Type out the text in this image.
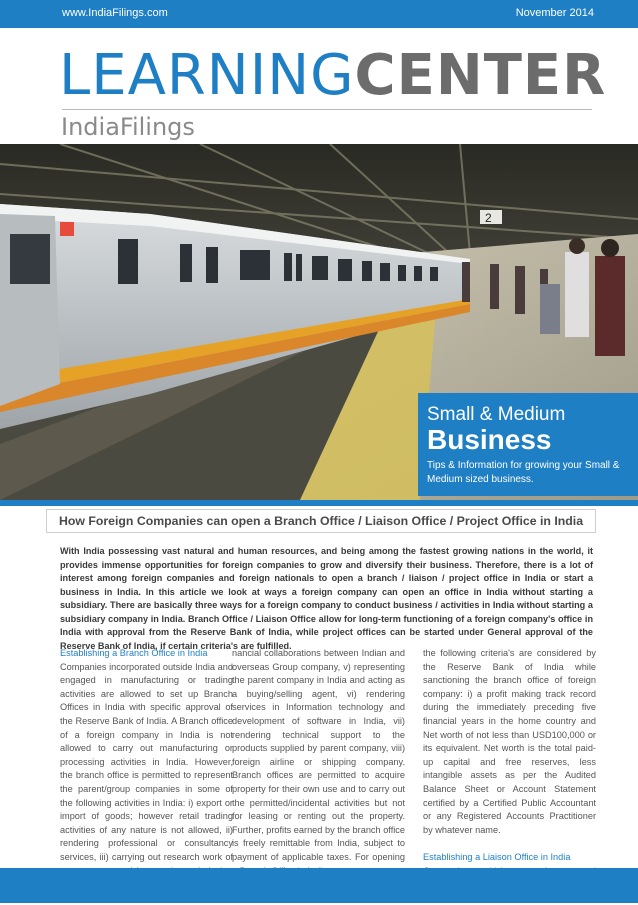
www.IndiaFilings.com	November 2014
LEARNINGCENTER
IndiaFilings
2
Small & Medium
Business
Tips & Information for growing your Small & Medium sized business.
How Foreign Companies can open a Branch Office / Liaison Office / Project Office in India
With India possessing vast natural and human resources, and being among the fastest growing nations in the world, it provides immense opportunities for foreign companies to grow and diversify their business. Therefore, there is a lot of interest among foreign companies and foreign nationals to open a branch / liaison / project office in India or start a business in India. In this article we look at ways a foreign company can open an office in India without starting a subsidiary. There are basically three ways for a foreign company to conduct business / activities in India without starting a subsidiary company in India. Branch Office / Liaison Office allow for long-term functioning of a foreign company's office in India with approval from the Reserve Bank of India, while project offices can be started under General approval of the Reserve Bank of India, if certain criteria's are fulfilled.
Establishing a Branch Office in India
Companies incorporated outside India and engaged in manufacturing or trading activities are allowed to set up Branch Offices in India with specific approval of the Reserve Bank of India. A Branch office of a foreign company in India is not allowed to carry out manufacturing or processing activities in India. However, the branch office is permitted to represent the parent/group companies in some of the following activities in India: i) export or import of goods; however retail trading activities of any nature is not allowed, ii) rendering professional or consultancy services, iii) carrying out research work of
nancial collaborations between Indian and overseas Group company, v) representing the parent company in India and acting as a buying/selling agent, vi) rendering services in Information technology and development of software in India, vii) rendering technical support to the products supplied by parent company, viii) foreign airline or shipping company. Branch offices are permitted to acquire property for their own use and to carry out the permitted/incidental activities but not for leasing or renting out the property. Further, profits earned by the branch office is freely remittable from India, subject to payment of applicable taxes. For opening
the following criteria's are considered by the Reserve Bank of India while sanctioning the branch office of foreign company: i) a profit making track record during the immediately preceding five financial years in the home country and Net worth of not less than USD100,000 or its equivalent. Net worth is the total paid-up capital and free reserves, less intangible assets as per the Audited Balance Sheet or Account Statement certified by a Certified Public Accountant or any Registered Accounts Practitioner by whatever name.

Establishing a Liaison Office in India
